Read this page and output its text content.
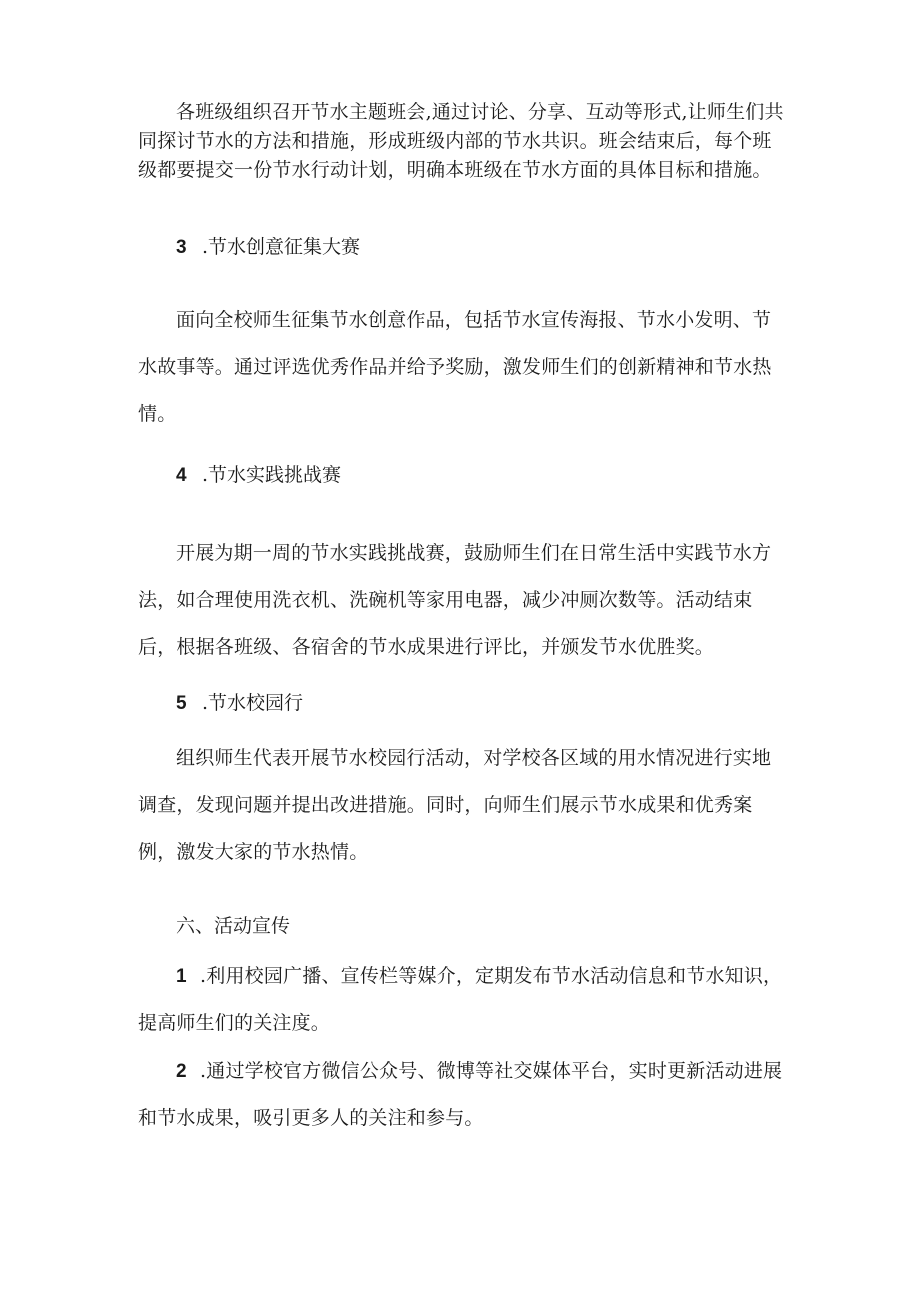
各班级组织召开节水主题班会,通过讨论、分享、互动等形式,让师生们共同探讨节水的方法和措施，形成班级内部的节水共识。班会结束后，每个班级都要提交一份节水行动计划，明确本班级在节水方面的具体目标和措施。

3 .节水创意征集大赛

面向全校师生征集节水创意作品，包括节水宣传海报、节水小发明、节水故事等。通过评选优秀作品并给予奖励，激发师生们的创新精神和节水热情。

4 .节水实践挑战赛

开展为期一周的节水实践挑战赛，鼓励师生们在日常生活中实践节水方法，如合理使用洗衣机、洗碗机等家用电器，减少冲厕次数等。活动结束后，根据各班级、各宿舍的节水成果进行评比，并颁发节水优胜奖。

5 .节水校园行

组织师生代表开展节水校园行活动，对学校各区域的用水情况进行实地调查，发现问题并提出改进措施。同时，向师生们展示节水成果和优秀案例，激发大家的节水热情。

六、活动宣传

1 .利用校园广播、宣传栏等媒介，定期发布节水活动信息和节水知识，提高师生们的关注度。

2 .通过学校官方微信公众号、微博等社交媒体平台，实时更新活动进展和节水成果，吸引更多人的关注和参与。
